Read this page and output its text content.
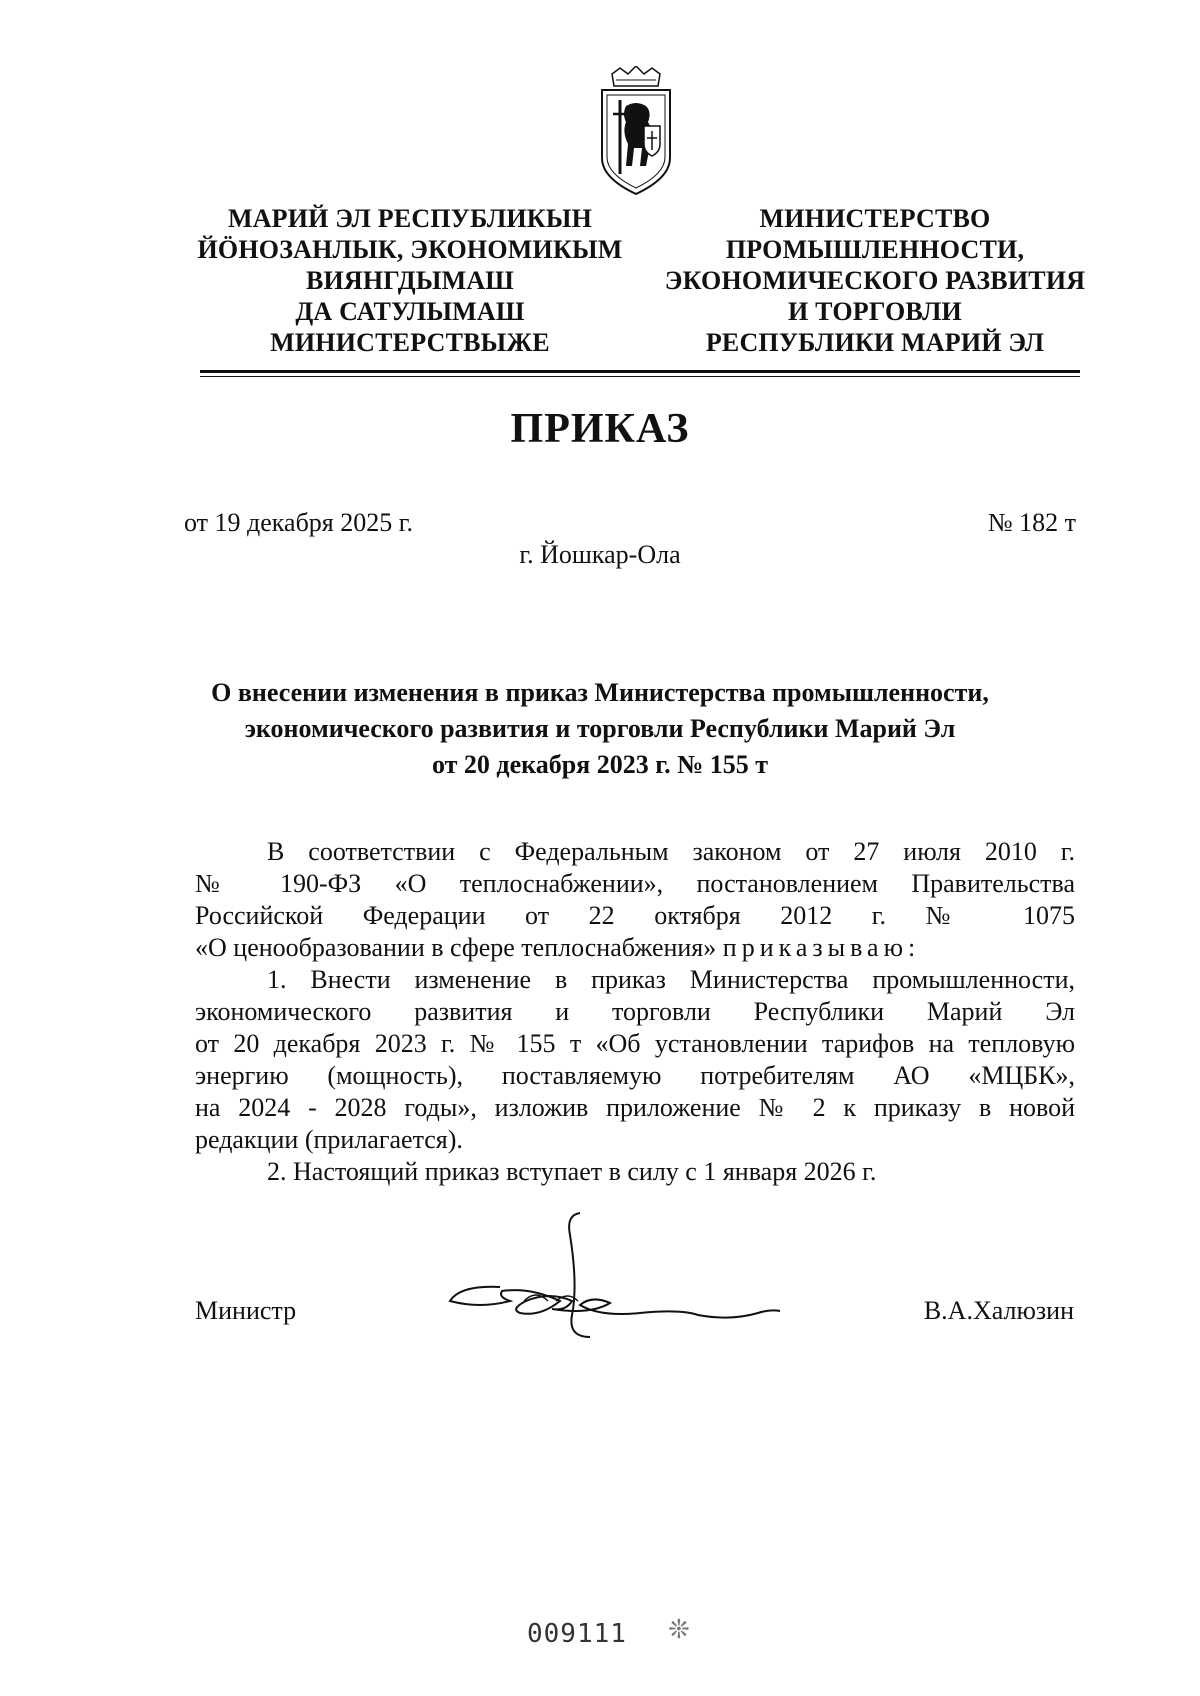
МАРИЙ ЭЛ РЕСПУБЛИКЫН
ЙÖНОЗАНЛЫК, ЭКОНОМИКЫМ
ВИЯНГДЫМАШ
ДА САТУЛЫМАШ
МИНИСТЕРСТВЫЖЕ
МИНИСТЕРСТВО
ПРОМЫШЛЕННОСТИ,
ЭКОНОМИЧЕСКОГО РАЗВИТИЯ
И ТОРГОВЛИ
РЕСПУБЛИКИ МАРИЙ ЭЛ
ПРИКАЗ
от 19 декабря 2025 г.	№ 182 т
г. Йошкар-Ола
О внесении изменения в приказ Министерства промышленности,
экономического развития и торговли Республики Марий Эл
от 20 декабря 2023 г. № 155 т

В соответствии с Федеральным законом от 27 июля 2010 г.

№ 190-ФЗ «О теплоснабжении», постановлением Правительства

Российской Федерации от 22 октября 2012 г. № 1075

«О ценообразовании в сфере теплоснабжения» приказываю:

1. Внести изменение в приказ Министерства промышленности,

экономического развития и торговли Республики Марий Эл

от 20 декабря 2023 г. № 155 т «Об установлении тарифов на тепловую

энергию (мощность), поставляемую потребителям АО «МЦБК»,

на 2024 - 2028 годы», изложив приложение № 2 к приказу в новой

редакции (прилагается).

2. Настоящий приказ вступает в силу с 1 января 2026 г.

Министр	В.А.Халюзин
009111 ❊
